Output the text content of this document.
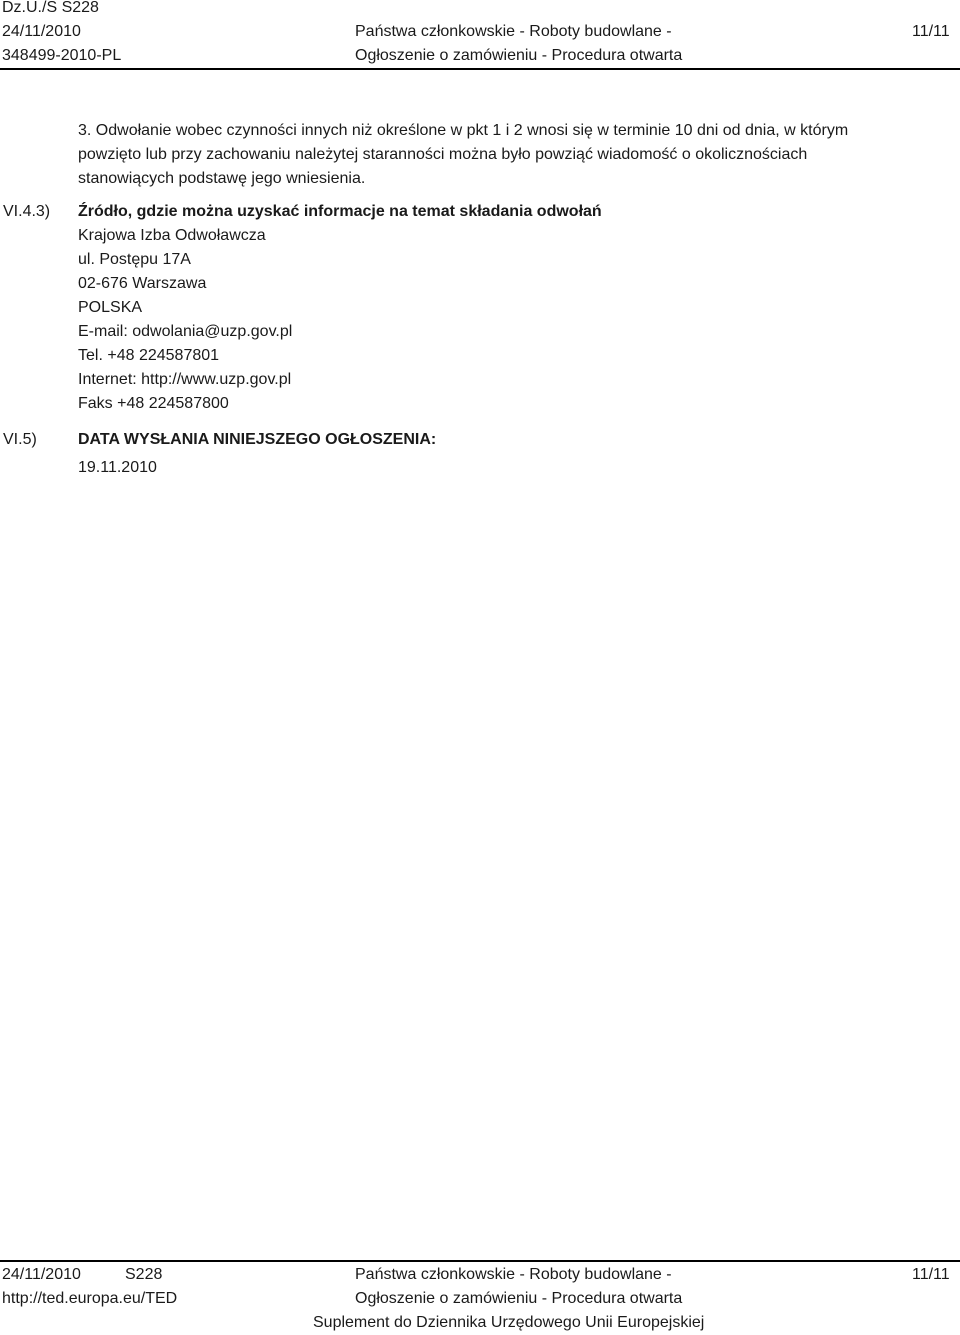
Dz.U./S S228
24/11/2010
348499-2010-PL
Państwa członkowskie - Roboty budowlane -
Ogłoszenie o zamówieniu - Procedura otwarta
11/11
3. Odwołanie wobec czynności innych niż określone w pkt 1 i 2 wnosi się w terminie 10 dni od dnia, w którym
powzięto lub przy zachowaniu należytej staranności można było powziąć wiadomość o okolicznościach
stanowiących podstawę jego wniesienia.
VI.4.3) Źródło, gdzie można uzyskać informacje na temat składania odwołań
Krajowa Izba Odwoławcza
ul. Postępu 17A
02-676 Warszawa
POLSKA
E-mail: odwolania@uzp.gov.pl
Tel. +48 224587801
Internet: http://www.uzp.gov.pl
Faks +48 224587800
VI.5)	DATA WYSŁANIA NINIEJSZEGO OGŁOSZENIA:
19.11.2010
24/11/2010	S228
http://ted.europa.eu/TED
Państwa członkowskie - Roboty budowlane -
Ogłoszenie o zamówieniu - Procedura otwarta
Suplement do Dziennika Urzędowego Unii Europejskiej
11/11
